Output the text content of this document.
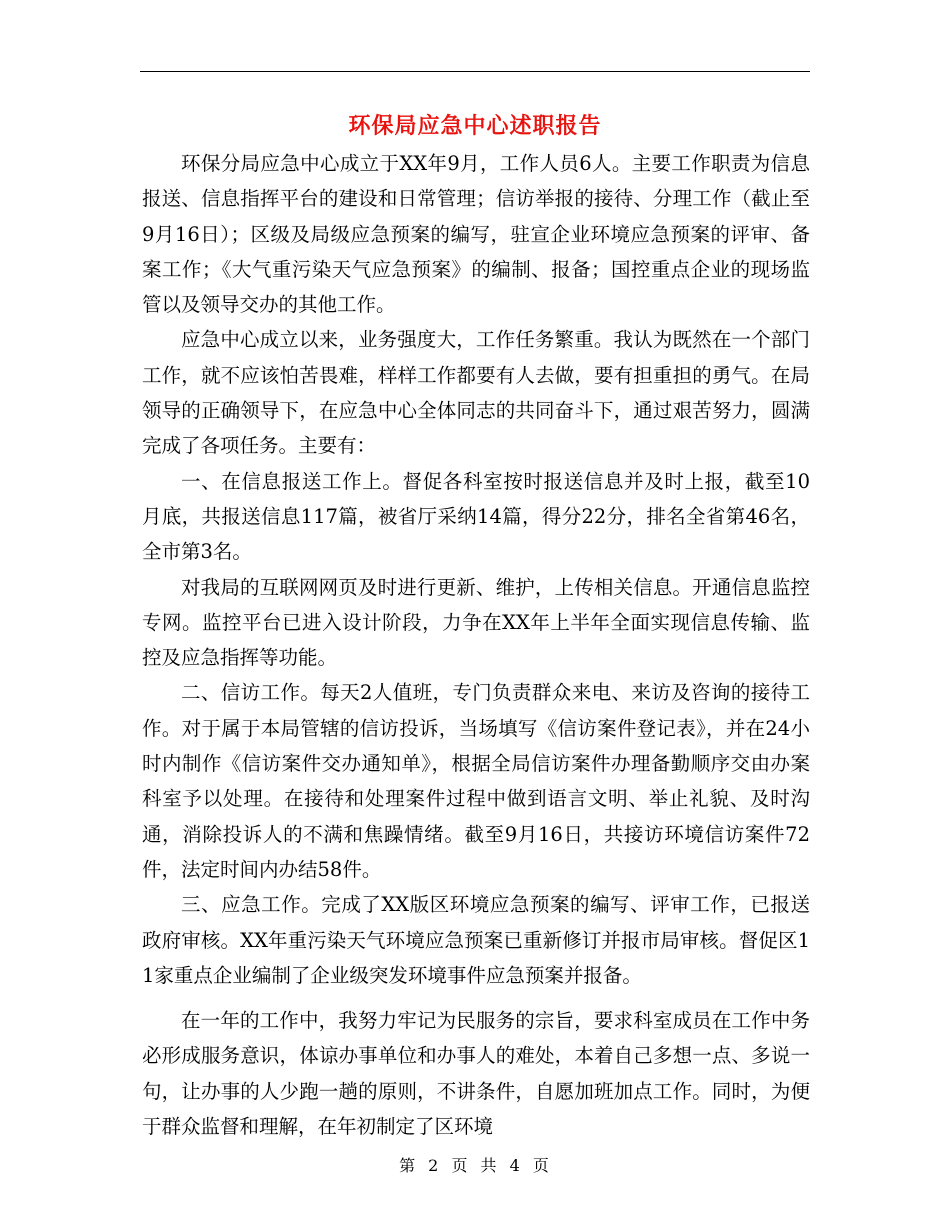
环保局应急中心述职报告

环保分局应急中心成立于XX年9月，工作人员6人。主要工作职责为信息报送、信息指挥平台的建设和日常管理；信访举报的接待、分理工作（截止至9月16日）；区级及局级应急预案的编写，驻宣企业环境应急预案的评审、备案工作；《大气重污染天气应急预案》的编制、报备；国控重点企业的现场监管以及领导交办的其他工作。

应急中心成立以来，业务强度大，工作任务繁重。我认为既然在一个部门工作，就不应该怕苦畏难，样样工作都要有人去做，要有担重担的勇气。在局领导的正确领导下，在应急中心全体同志的共同奋斗下，通过艰苦努力，圆满完成了各项任务。主要有：

一、在信息报送工作上。督促各科室按时报送信息并及时上报，截至10月底，共报送信息117篇，被省厅采纳14篇，得分22分，排名全省第46名，全市第3名。

对我局的互联网网页及时进行更新、维护，上传相关信息。开通信息监控专网。监控平台已进入设计阶段，力争在XX年上半年全面实现信息传输、监控及应急指挥等功能。

二、信访工作。每天2人值班，专门负责群众来电、来访及咨询的接待工作。对于属于本局管辖的信访投诉，当场填写《信访案件登记表》，并在24小时内制作《信访案件交办通知单》，根据全局信访案件办理备勤顺序交由办案科室予以处理。在接待和处理案件过程中做到语言文明、举止礼貌、及时沟通，消除投诉人的不满和焦躁情绪。截至9月16日，共接访环境信访案件72件，法定时间内办结58件。

三、应急工作。完成了XX版区环境应急预案的编写、评审工作，已报送政府审核。XX年重污染天气环境应急预案已重新修订并报市局审核。督促区11家重点企业编制了企业级突发环境事件应急预案并报备。

在一年的工作中，我努力牢记为民服务的宗旨，要求科室成员在工作中务必形成服务意识，体谅办事单位和办事人的难处，本着自己多想一点、多说一句，让办事的人少跑一趟的原则，不讲条件，自愿加班加点工作。同时，为便于群众监督和理解，在年初制定了区环境

第 2 页 共 4 页
